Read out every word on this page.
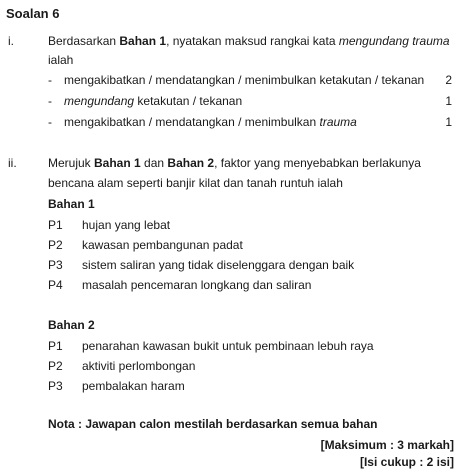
Soalan 6
i.	Berdasarkan Bahan 1, nyatakan maksud rangkai kata mengundang trauma
ialah
- mengakibatkan / mendatangkan / menimbulkan ketakutan / tekanan 2
- mengundang ketakutan / tekanan	1
- mengakibatkan / mendatangkan / menimbulkan trauma	1
ii.	Merujuk Bahan 1 dan Bahan 2, faktor yang menyebabkan berlakunya
bencana alam seperti banjir kilat dan tanah runtuh ialah
Bahan 1
P1 hujan yang lebat
P2 kawasan pembangunan padat
P3 sistem saliran yang tidak diselenggara dengan baik
P4 masalah pencemaran longkang dan saliran
Bahan 2
P1 penarahan kawasan bukit untuk pembinaan lebuh raya
P2 aktiviti perlombongan
P3 pembalakan haram
Nota : Jawapan calon mestilah berdasarkan semua bahan
[Maksimum : 3 markah]
[Isi cukup : 2 isi]
